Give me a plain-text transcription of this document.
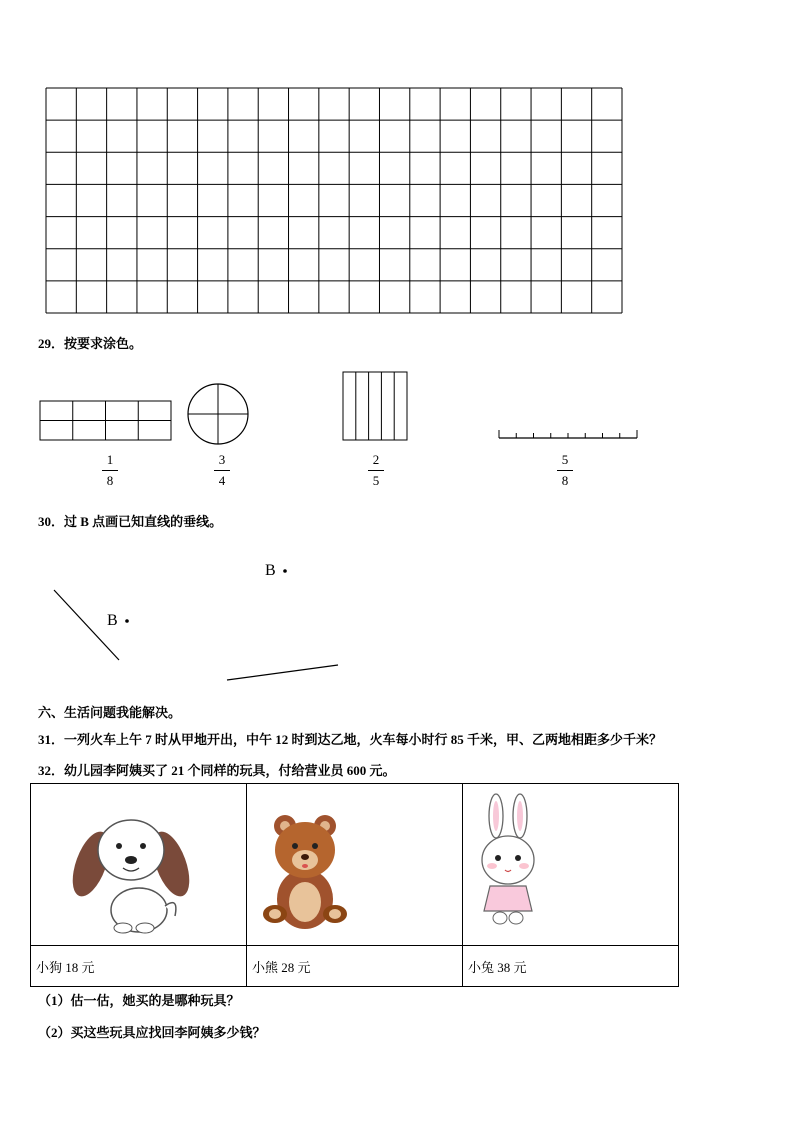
29．按要求涂色。
1
8
3
4
2
5
5
8
30．过 B 点画已知直线的垂线。
B
B
六、生活问题我能解决。
31．一列火车上午 7 时从甲地开出，中午 12 时到达乙地，火车每小时行 85 千米，甲、乙两地相距多少千米？
32．幼儿园李阿姨买了 21 个同样的玩具，付给营业员 600 元。

小狗 18 元	小熊 28 元	小兔 38 元
（1）估一估，她买的是哪种玩具？
（2）买这些玩具应找回李阿姨多少钱？
